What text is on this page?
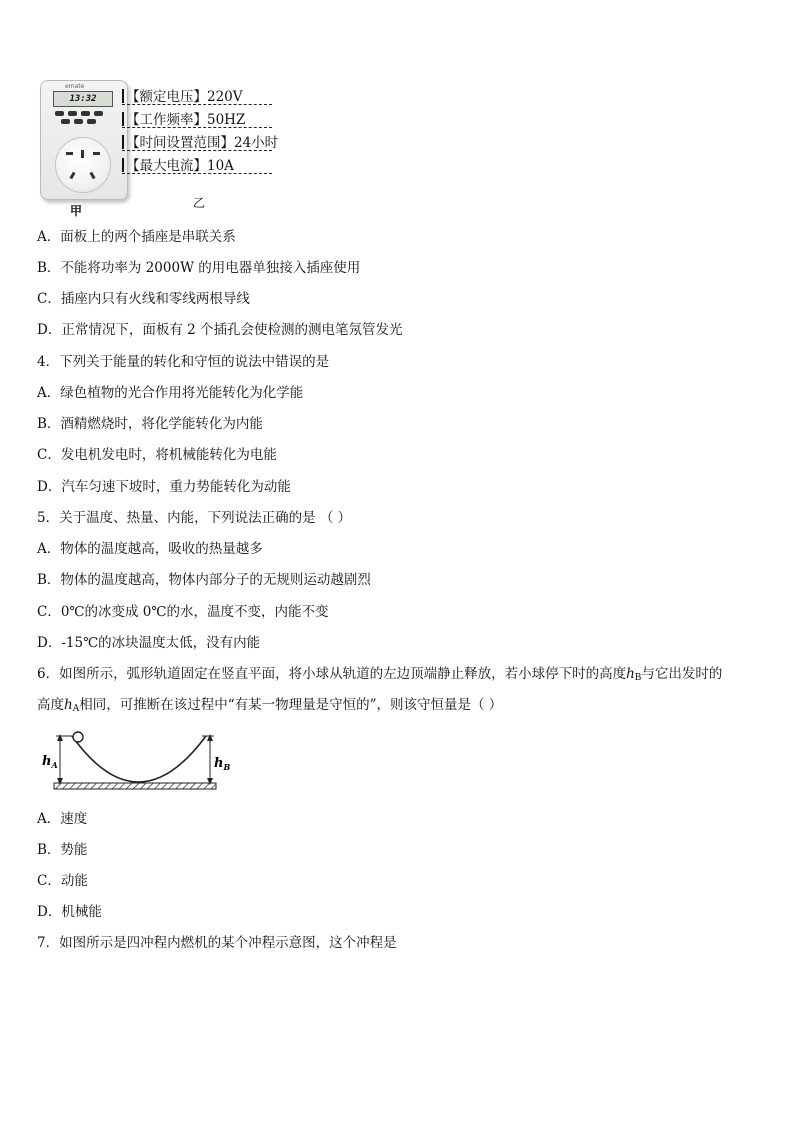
emate
13:32
甲
乙
【额定电压】220V
【工作频率】50HZ
【时间设置范围】24小时
【最大电流】10A
A．面板上的两个插座是串联关系
B．不能将功率为 2000W 的用电器单独接入插座使用
C．插座内只有火线和零线两根导线
D．正常情况下，面板有 2 个插孔会使检测的测电笔氖管发光
4．下列关于能量的转化和守恒的说法中错误的是
A．绿色植物的光合作用将光能转化为化学能
B．酒精燃烧时，将化学能转化为内能
C．发电机发电时，将机械能转化为电能
D．汽车匀速下坡时，重力势能转化为动能
5．关于温度、热量、内能，下列说法正确的是 （ ）
A．物体的温度越高，吸收的热量越多
B．物体的温度越高，物体内部分子的无规则运动越剧烈
C．0℃的冰变成 0℃的水，温度不变，内能不变
D．-15℃的冰块温度太低，没有内能
6．如图所示，弧形轨道固定在竖直平面，将小球从轨道的左边顶端静止释放，若小球停下时的高度$h_B$与它出发时的
高度$h_A$相同，可推断在该过程中“有某一物理量是守恒的”，则该守恒量是（ ）
$h_A$	$h_B$
A．速度
B．势能
C．动能
D．机械能
7．如图所示是四冲程内燃机的某个冲程示意图，这个冲程是
